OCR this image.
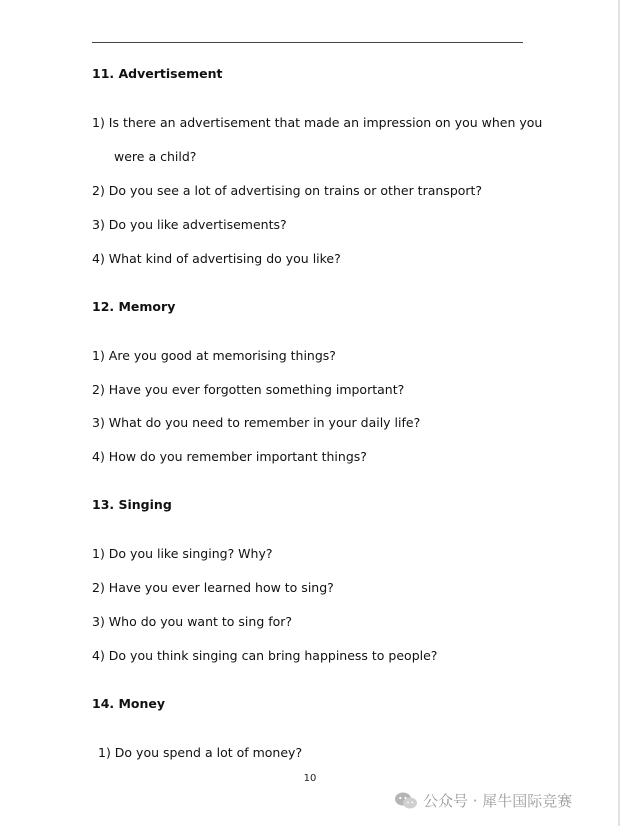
11. Advertisement

1) Is there an advertisement that made an impression on you when you

were a child?

2) Do you see a lot of advertising on trains or other transport?

3) Do you like advertisements?

4) What kind of advertising do you like?

12. Memory

1) Are you good at memorising things?

2) Have you ever forgotten something important?

3) What do you need to remember in your daily life?

4) How do you remember important things?

13. Singing

1) Do you like singing? Why?

2) Have you ever learned how to sing?

3) Who do you want to sing for?

4) Do you think singing can bring happiness to people?

14. Money

1) Do you spend a lot of money?

10
公众号 · 犀牛国际竞赛
